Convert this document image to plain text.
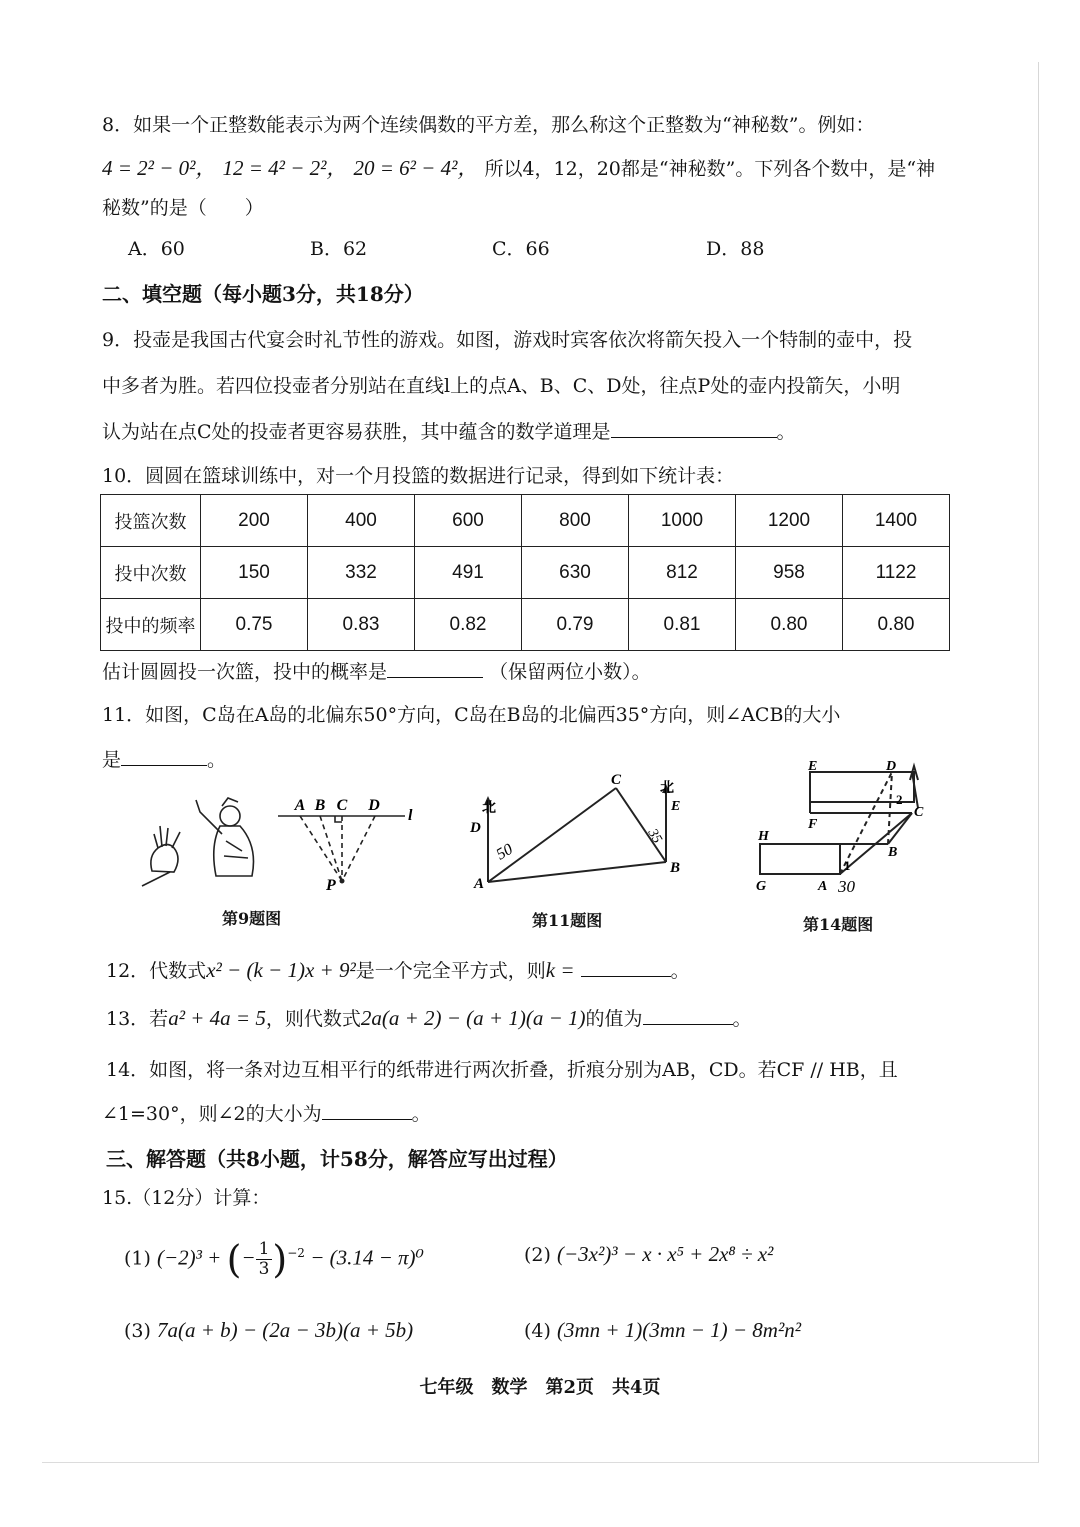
8．如果一个正整数能表示为两个连续偶数的平方差，那么称这个正整数为“神秘数”。例如：
4 = 2² − 0²， 12 = 4² − 2²， 20 = 6² − 4²， 所以4，12，20都是“神秘数”。下列各个数中，是“神
秘数”的是（　　）
A．60	B．62	C．66	D．88
二、填空题（每小题3分，共18分）
9．投壶是我国古代宴会时礼节性的游戏。如图，游戏时宾客依次将箭矢投入一个特制的壶中，投
中多者为胜。若四位投壶者分别站在直线l上的点A、B、C、D处，往点P处的壶内投箭矢，小明
认为站在点C处的投壶者更容易获胜，其中蕴含的数学道理是	。
10．圆圆在篮球训练中，对一个月投篮的数据进行记录，得到如下统计表：
投篮次数	200	400	600	800	1000	1200	1400
投中次数	150	332	491	630	812	958	1122
投中的频率	0.75	0.83	0.82	0.79	0.81	0.80	0.80
估计圆圆投一次篮，投中的概率是	（保留两位小数）。
11．如图，C岛在A岛的北偏东50°方向，C岛在B岛的北偏西35°方向，则∠ACB的大小
是	。
A B C D
l
P
第9题图
北
D
A
C
北
E
B
50
35
第11题图
E	D
1
2
C
F
H
B
G	A 30
第14题图
12．代数式x² − (k − 1)x + 9²是一个完全平方式，则k =	。
13．若a² + 4a = 5，则代数式2a(a + 2) − (a + 1)(a − 1)的值为	。
14．如图，将一条对边互相平行的纸带进行两次折叠，折痕分别为AB，CD。若CF // HB，且
∠1=30°，则∠2的大小为	。
三、解答题（共8小题，计58分，解答应写出过程）
15.（12分）计算：
(1) (−2)³ + (− $\frac{1}{3} )^{-2} - (3.14 - \pi)^0$	(2) (−3x²)³ − x · x⁵ + 2x⁸ ÷ x²
(3) 7a(a + b) − (2a − 3b)(a + 5b)	(4) (3mn + 1)(3mn − 1) − 8m²n²
七年级　数学　第2页　共4页
